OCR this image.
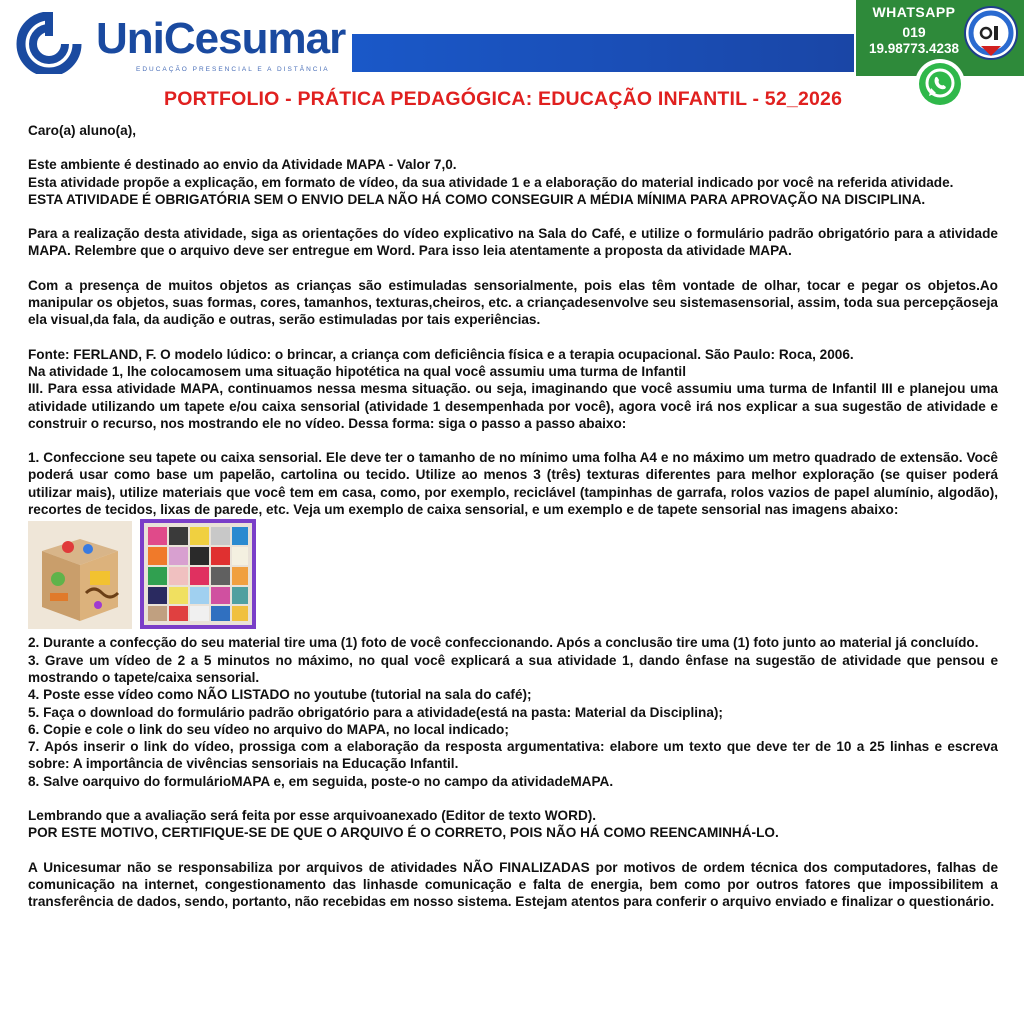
UniCesumar
EDUCAÇÃO PRESENCIAL E A DISTÂNCIA
WHATSAPP
019
19.98773.4238
PORTFOLIO - PRÁTICA PEDAGÓGICA: EDUCAÇÃO INFANTIL - 52_2026

Caro(a) aluno(a),

Este ambiente é destinado ao envio da Atividade MAPA - Valor 7,0.

Esta atividade propõe a explicação, em formato de vídeo, da sua atividade 1 e a elaboração do material indicado por você na referida atividade.

ESTA ATIVIDADE É OBRIGATÓRIA SEM O ENVIO DELA NÃO HÁ COMO CONSEGUIR A MÉDIA MÍNIMA PARA APROVAÇÃO NA DISCIPLINA.

Para a realização desta atividade, siga as orientações do vídeo explicativo na Sala do Café, e utilize o formulário padrão obrigatório para a atividade MAPA. Relembre que o arquivo deve ser entregue em Word. Para isso leia atentamente a proposta da atividade MAPA.

Com a presença de muitos objetos as crianças são estimuladas sensorialmente, pois elas têm vontade de olhar, tocar e pegar os objetos.Ao manipular os objetos, suas formas, cores, tamanhos, texturas,cheiros, etc. a criançadesenvolve seu sistemasensorial, assim, toda sua percepçãoseja ela visual,da fala, da audição e outras, serão estimuladas por tais experiências.

Fonte: FERLAND, F. O modelo lúdico: o brincar, a criança com deficiência física e a terapia ocupacional. São Paulo: Roca, 2006.

Na atividade 1, lhe colocamosem uma situação hipotética na qual você assumiu uma turma de Infantil

III. Para essa atividade MAPA, continuamos nessa mesma situação. ou seja, imaginando que você assumiu uma turma de Infantil III e planejou uma atividade utilizando um tapete e/ou caixa sensorial (atividade 1 desempenhada por você), agora você irá nos explicar a sua sugestão de atividade e construir o recurso, nos mostrando ele no vídeo. Dessa forma: siga o passo a passo abaixo:

1. Confeccione seu tapete ou caixa sensorial. Ele deve ter o tamanho de no mínimo uma folha A4 e no máximo um metro quadrado de extensão. Você poderá usar como base um papelão, cartolina ou tecido. Utilize ao menos 3 (três) texturas diferentes para melhor exploração (se quiser poderá utilizar mais), utilize materiais que você tem em casa, como, por exemplo, reciclável (tampinhas de garrafa, rolos vazios de papel alumínio, algodão), recortes de tecidos, lixas de parede, etc. Veja um exemplo de caixa sensorial, e um exemplo e de tapete sensorial nas imagens abaixo:

2. Durante a confecção do seu material tire uma (1) foto de você confeccionando. Após a conclusão tire uma (1) foto junto ao material já concluído.

3. Grave um vídeo de 2 a 5 minutos no máximo, no qual você explicará a sua atividade 1, dando ênfase na sugestão de atividade que pensou e mostrando o tapete/caixa sensorial.

4. Poste esse vídeo como NÃO LISTADO no youtube (tutorial na sala do café);

5. Faça o download do formulário padrão obrigatório para a atividade(está na pasta: Material da Disciplina);

6. Copie e cole o link do seu vídeo no arquivo do MAPA, no local indicado;

7. Após inserir o link do vídeo, prossiga com a elaboração da resposta argumentativa: elabore um texto que deve ter de 10 a 25 linhas e escreva sobre: A importância de vivências sensoriais na Educação Infantil.

8. Salve oarquivo do formulárioMAPA e, em seguida, poste-o no campo da atividadeMAPA.

Lembrando que a avaliação será feita por esse arquivoanexado (Editor de texto WORD).

POR ESTE MOTIVO, CERTIFIQUE-SE DE QUE O ARQUIVO É O CORRETO, POIS NÃO HÁ COMO REENCAMINHÁ-LO.

A Unicesumar não se responsabiliza por arquivos de atividades NÃO FINALIZADAS por motivos de ordem técnica dos computadores, falhas de comunicação na internet, congestionamento das linhasde comunicação e falta de energia, bem como por outros fatores que impossibilitem a transferência de dados, sendo, portanto, não recebidas em nosso sistema. Estejam atentos para conferir o arquivo enviado e finalizar o questionário.
